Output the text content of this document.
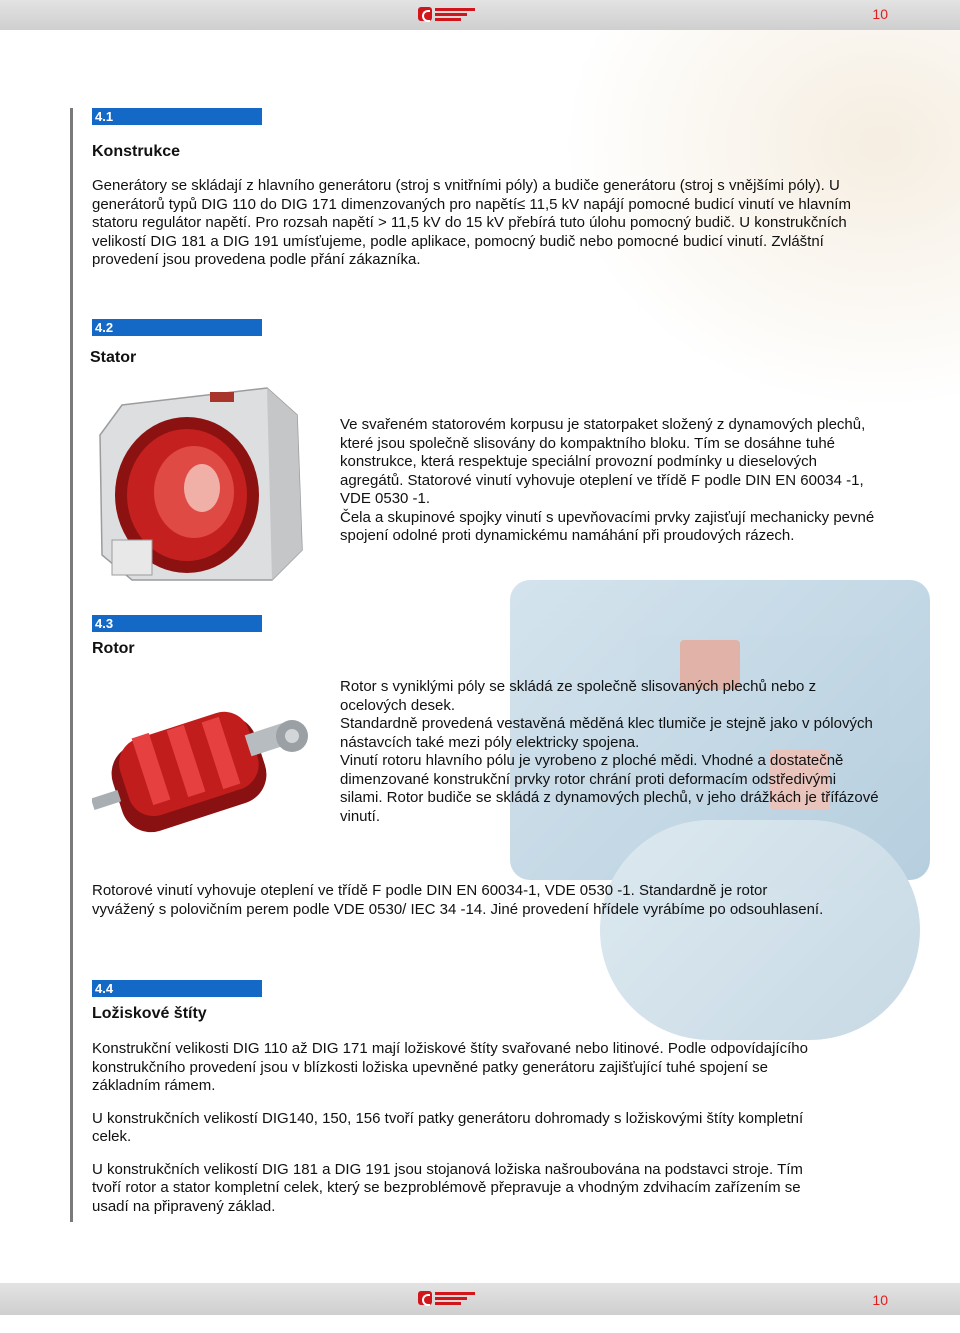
10
4.1
Konstrukce

Generátory se skládají z hlavního generátoru (stroj s vnitřními póly) a budiče generátoru (stroj s vnějšími póly). U generátorů typů DIG 110 do DIG 171 dimenzovaných pro napětí≤ 11,5 kV napájí pomocné budicí vinutí ve hlavním statoru regulátor napětí. Pro rozsah napětí > 11,5 kV do 15 kV přebírá tuto úlohu pomocný budič. U konstrukčních velikostí DIG 181 a DIG 191 umísťujeme, podle aplikace, pomocný budič nebo pomocné budicí vinutí. Zvláštní provedení jsou provedena podle přání zákazníka.

4.2
Stator

Ve svařeném statorovém korpusu je statorpaket složený z dynamových plechů, které jsou společně slisovány do kompaktního bloku. Tím se dosáhne tuhé konstrukce, která respektuje speciální provozní podmínky u dieselových agregátů. Statorové vinutí vyhovuje oteplení ve třídě F podle DIN EN 60034 -1, VDE 0530 -1.

Čela a skupinové spojky vinutí s upevňovacími prvky zajisťují mechanicky pevné spojení odolné proti dynamickému namáhání při proudových rázech.

4.3
Rotor

Rotor s vyniklými póly se skládá ze společně slisovaných plechů nebo z ocelových desek.

Standardně provedená vestavěná měděná klec tlumiče je stejně jako v pólových nástavcích také mezi póly elektricky spojena.

Vinutí rotoru hlavního pólu je vyrobeno z ploché mědi. Vhodné a dostatečně dimenzované konstrukční prvky rotor chrání proti deformacím odstředivými silami. Rotor budiče se skládá z dynamových plechů, v jeho drážkách je třífázové vinutí.

Rotorové vinutí vyhovuje oteplení ve třídě F podle DIN EN 60034-1, VDE 0530 -1. Standardně je rotor vyvážený s polovičním perem podle VDE 0530/ IEC 34 -14. Jiné provedení hřídele vyrábíme po odsouhlasení.

4.4
Ložiskové štíty

Konstrukční velikosti DIG 110 až DIG 171 mají ložiskové štíty svařované nebo litinové. Podle odpovídajícího konstrukčního provedení jsou v blízkosti ložiska upevněné patky generátoru zajišťující tuhé spojení se základním rámem.

U konstrukčních velikostí DIG140, 150, 156 tvoří patky generátoru dohromady s ložiskovými štíty kompletní celek.

U konstrukčních velikostí DIG 181 a DIG 191 jsou stojanová ložiska našroubována na podstavci stroje. Tím tvoří rotor a stator kompletní celek, který se bezproblémově přepravuje a vhodným zdvihacím zařízením se usadí na připravený základ.

10
